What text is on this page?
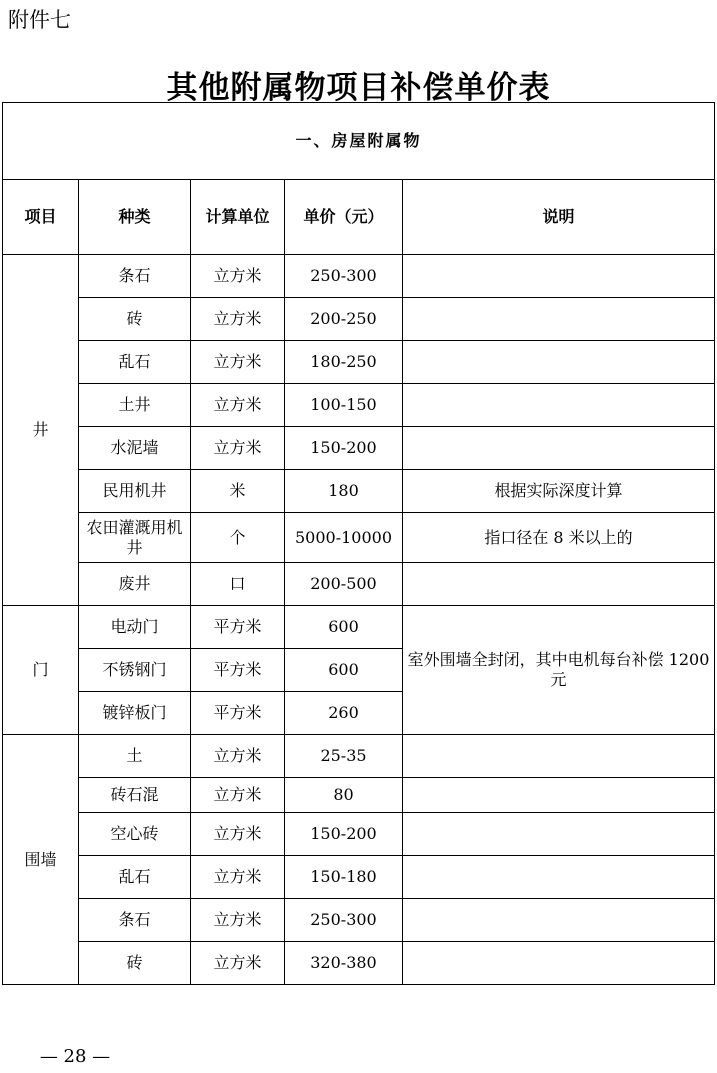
附件七
其他附属物项目补偿单价表
一、房屋附属物				
项目	种类	计算单位	单价（元）	说明
井	条石	立方米	250-300	
	砖	立方米	200-250	
	乱石	立方米	180-250	
	土井	立方米	100-150	
	水泥墙	立方米	150-200	
	民用机井	米	180	根据实际深度计算
	农田灌溉用机井	个	5000-10000	指口径在 8 米以上的
	废井	口	200-500	
门	电动门	平方米	600	室外围墙全封闭，其中电机每台补偿 1200 元
	不锈钢门	平方米	600	
	镀锌板门	平方米	260	
围墙	土	立方米	25-35	
	砖石混	立方米	80	
	空心砖	立方米	150-200	
	乱石	立方米	150-180	
	条石	立方米	250-300	
	砖	立方米	320-380	
— 28 —
